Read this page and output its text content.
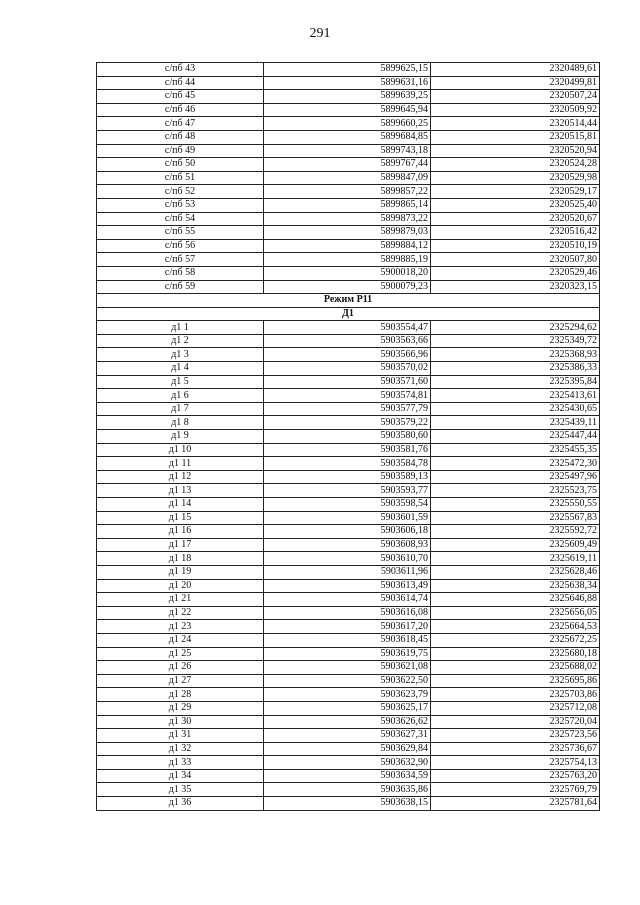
291
с/пб 43	5899625,15	2320489,61
с/пб 44	5899631,16	2320499,81
с/пб 45	5899639,25	2320507,24
с/пб 46	5899645,94	2320509,92
с/пб 47	5899660,25	2320514,44
с/пб 48	5899684,85	2320515,81
с/пб 49	5899743,18	2320520,94
с/пб 50	5899767,44	2320524,28
с/пб 51	5899847,09	2320529,98
с/пб 52	5899857,22	2320529,17
с/пб 53	5899865,14	2320525,40
с/пб 54	5899873,22	2320520,67
с/пб 55	5899879,03	2320516,42
с/пб 56	5899884,12	2320510,19
с/пб 57	5899885,19	2320507,80
с/пб 58	5900018,20	2320529,46
с/пб 59	5900079,23	2320323,15
Режим Р11		
Д1		
д1 1	5903554,47	2325294,62
д1 2	5903563,66	2325349,72
д1 3	5903566,96	2325368,93
д1 4	5903570,02	2325386,33
д1 5	5903571,60	2325395,84
д1 6	5903574,81	2325413,61
д1 7	5903577,79	2325430,65
д1 8	5903579,22	2325439,11
д1 9	5903580,60	2325447,44
д1 10	5903581,76	2325455,35
д1 11	5903584,78	2325472,30
д1 12	5903589,13	2325497,96
д1 13	5903593,77	2325523,75
д1 14	5903598,54	2325550,55
д1 15	5903601,59	2325567,83
д1 16	5903606,18	2325592,72
д1 17	5903608,93	2325609,49
д1 18	5903610,70	2325619,11
д1 19	5903611,96	2325628,46
д1 20	5903613,49	2325638,34
д1 21	5903614,74	2325646,88
д1 22	5903616,08	2325656,05
д1 23	5903617,20	2325664,53
д1 24	5903618,45	2325672,25
д1 25	5903619,75	2325680,18
д1 26	5903621,08	2325688,02
д1 27	5903622,50	2325695,86
д1 28	5903623,79	2325703,86
д1 29	5903625,17	2325712,08
д1 30	5903626,62	2325720,04
д1 31	5903627,31	2325723,56
д1 32	5903629,84	2325736,67
д1 33	5903632,90	2325754,13
д1 34	5903634,59	2325763,20
д1 35	5903635,86	2325769,79
д1 36	5903638,15	2325781,64
